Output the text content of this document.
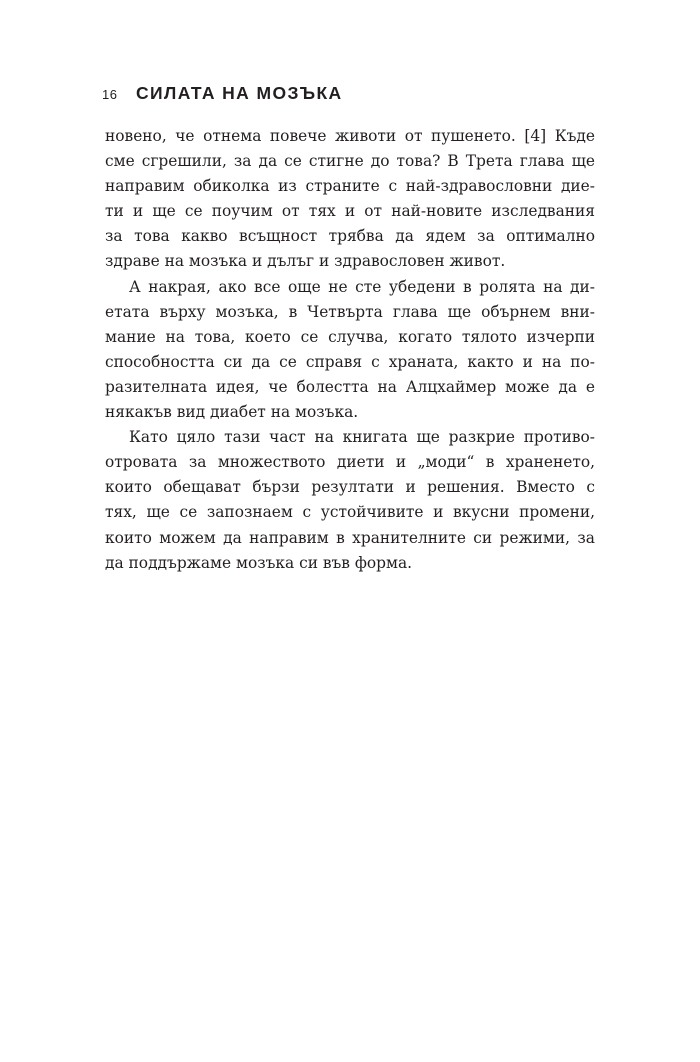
16	СИЛАТА НА МОЗЪКА
новено, че отнема повече животи от пушенето. [4] Къде
сме сгрешили, за да се стигне до това? В Трета глава ще
направим обиколка из страните с най-здравословни дие-
ти и ще се поучим от тях и от най-новите изследвания
за това какво всъщност трябва да ядем за оптимално
здраве на мозъка и дълъг и здравословен живот.
А накрая, ако все още не сте убедени в ролята на ди-
етата върху мозъка, в Четвърта глава ще обърнем вни-
мание на това, което се случва, когато тялото изчерпи
способността си да се справя с храната, както и на по-
разителната идея, че болестта на Алцхаймер може да е
някакъв вид диабет на мозъка.
Като цяло тази част на книгата ще разкрие противо-
отровата за множеството диети и „моди“ в храненето,
които обещават бързи резултати и решения. Вместо с
тях, ще се запознаем с устойчивите и вкусни промени,
които можем да направим в хранителните си режими, за
да поддържаме мозъка си във форма.
